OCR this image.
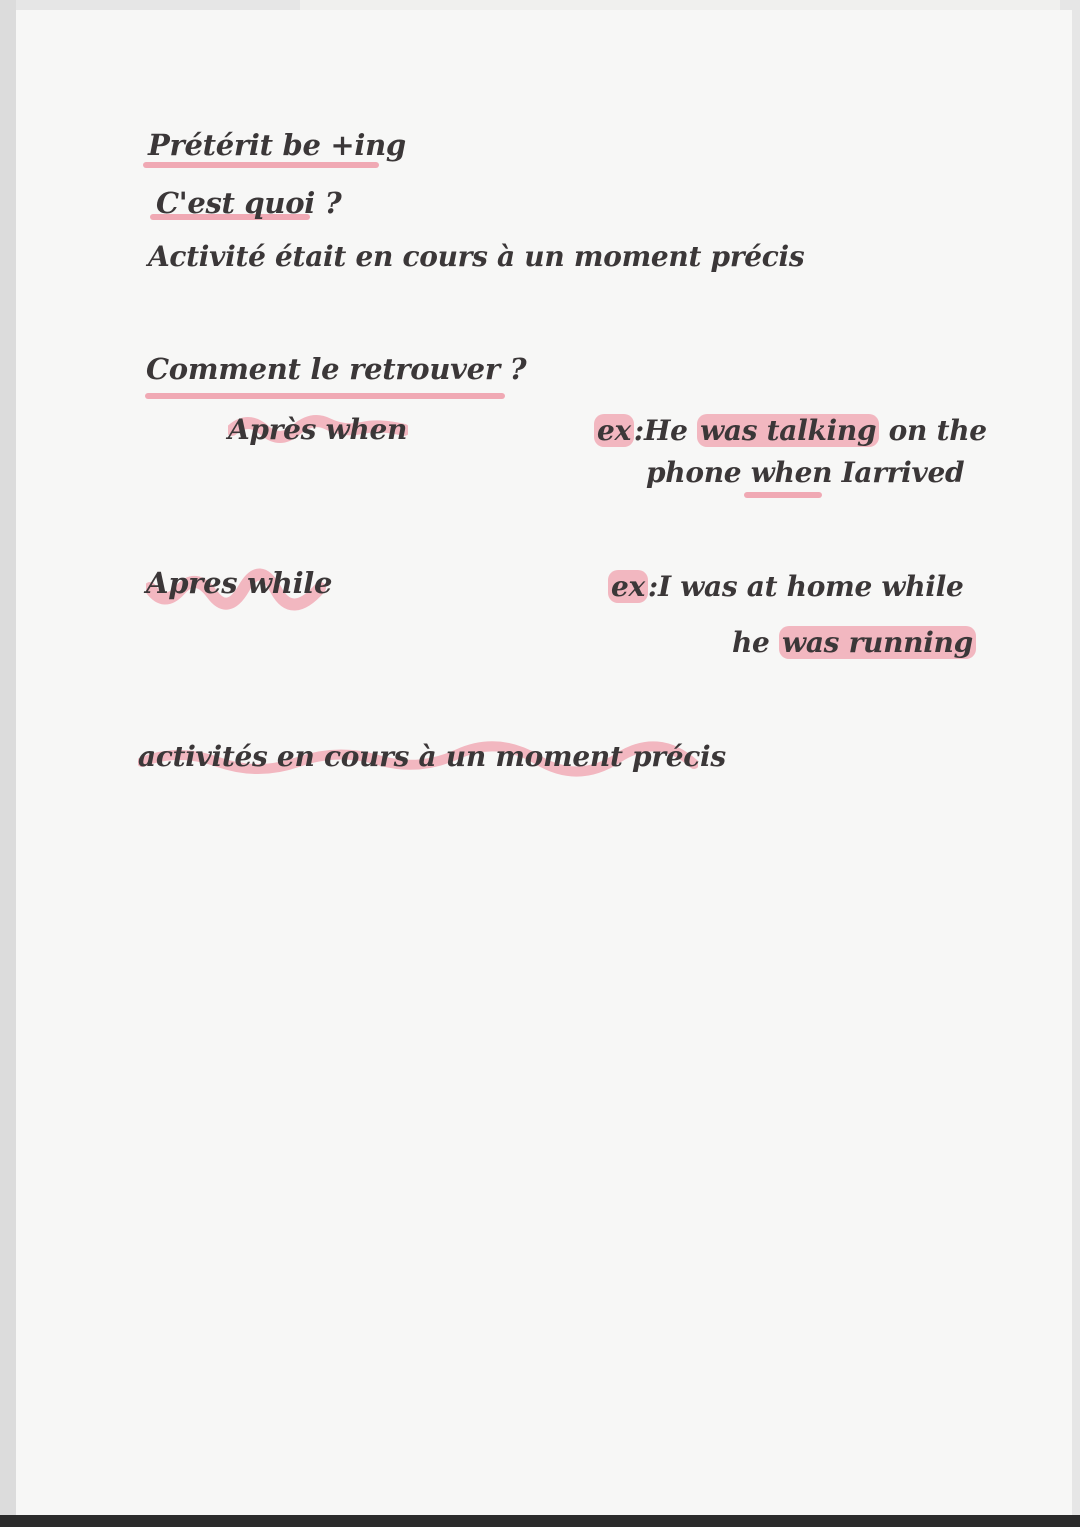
Prétérit be +ing
C'est quoi ?
Activité était en cours à un moment précis
Comment le retrouver ?
Après when	ex :He was talking on the
phone when Iarrived
Apres while	ex :I was at home while
he was running
activités en cours à un moment précis
